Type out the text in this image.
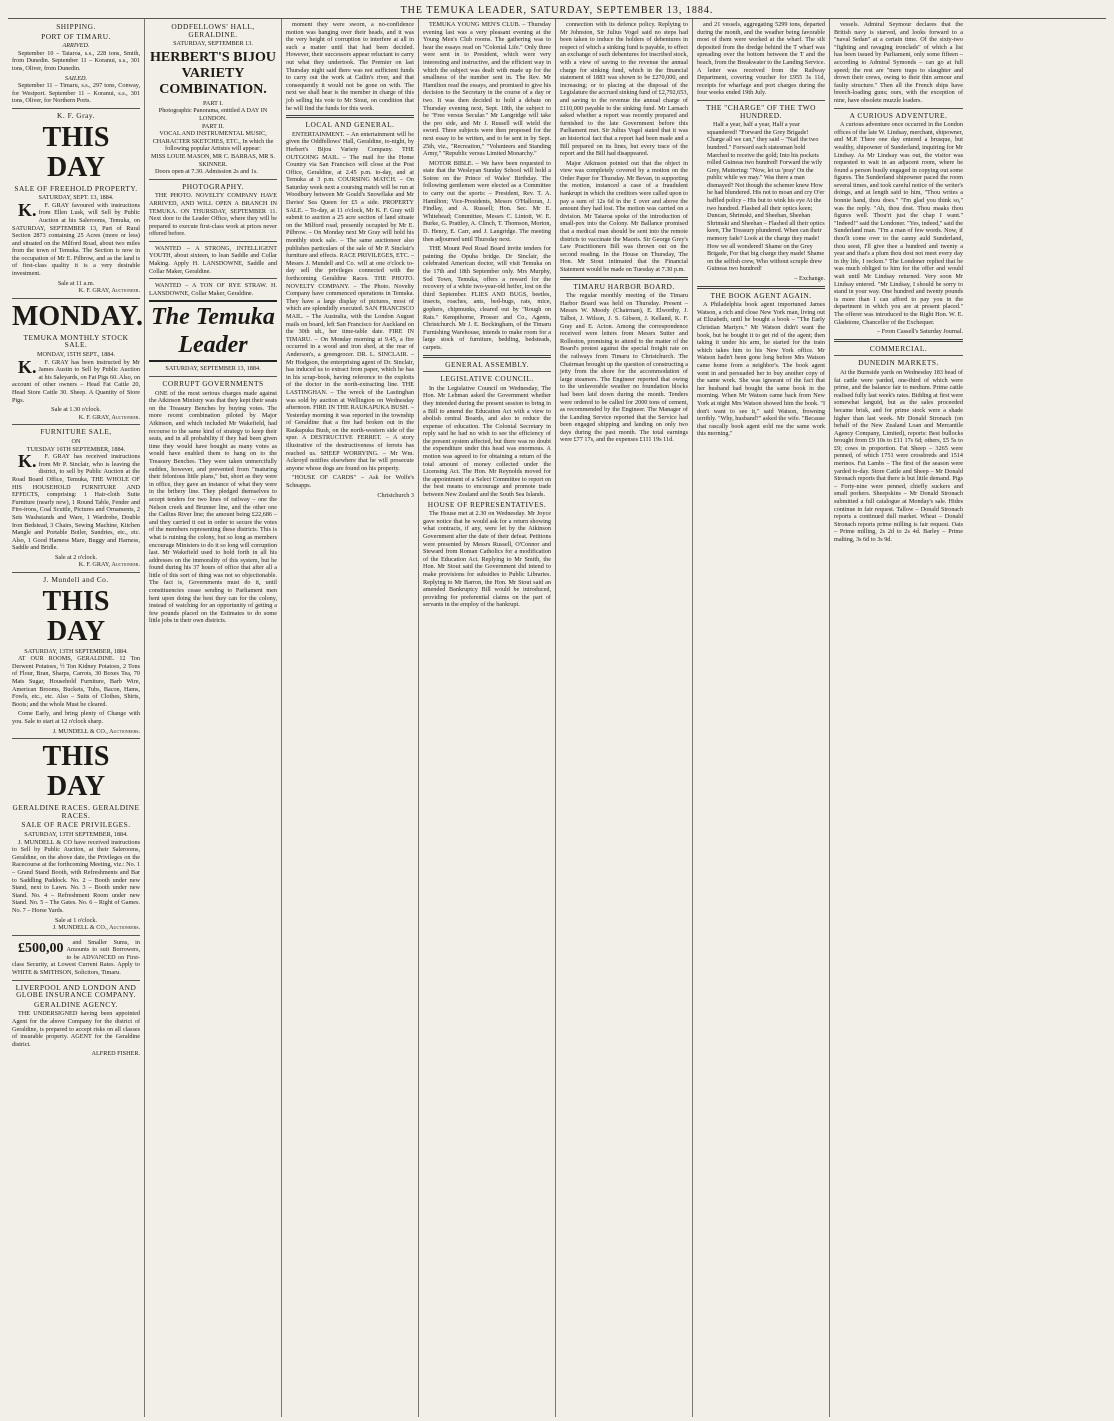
THE TEMUKA LEADER, SATURDAY, SEPTEMBER 13, 1884.
SHIPPING.
PORT OF TIMARU.
ARRIVED.

September 10 – Taiaroa, s.s., 228 tons, Smith, from Dunedin. September 11 – Koranui, s.s., 301 tons, Oliver, from Dunedin.

SAILED.

September 11 – Timaru, s.s., 297 tons, Conway, for Westport. September 11 – Koranui, s.s., 301 tons, Oliver, for Northern Ports.

K. F. Gray.
THIS DAY
SALE OF FREEHOLD PROPERTY.
SATURDAY, SEPT. 13, 1884.

K. F. GRAY favoured with instructions from Ellen Lusk, will Sell by Public Auction at his Salerooms, Temuka, on SATURDAY, SEPTEMBER 13, Part of Rural Section 2873 containing 25 Acres (more or less) and situated on the Milford Road, about two miles from the town of Temuka. The Section is now in the occupation of Mr E. Pilbrow, and as the land is of first-class quality it is a very desirable investment.

Sale at 11 a.m.
K. F. GRAY, Auctioneer.
MONDAY.
TEMUKA MONTHLY STOCK SALE.
MONDAY, 15TH SEPT., 1884.

K. F. GRAY has been instructed by Mr James Austin to Sell by Public Auction at his Saleyards, on Fat Pigs 60. Also, on account of other owners – Head Fat Cattle 20, Head Store Cattle 30. Sheep. A Quantity of Store Pigs.

Sale at 1.30 o'clock.
K. F. GRAY, Auctioneer.
FURNITURE SALE,
ON
TUESDAY 16TH SEPTEMBER, 1884.

K. F. GRAY has received instructions from Mr P. Sinclair, who is leaving the district, to sell by Public Auction at the Road Board Office, Temuka, THE WHOLE OF HIS HOUSEHOLD FURNITURE AND EFFECTS, comprising: 1 Hair-cloth Suite Furniture (nearly new), 1 Round Table, Fender and Fire-irons, Coal Scuttle, Pictures and Ornaments, 2 Sets Washstands and Ware, 1 Wardrobe, Double Iron Bedstead, 3 Chairs, Sewing Machine, Kitchen Mangle and Portable Boiler, Sundries, etc., etc. Also, 1 Good Harness Mare, Buggy and Harness, Saddle and Bridle.

Sale at 2 o'clock.
K. F. GRAY, Auctioneer.
J. Mundell and Co.
THIS DAY
SATURDAY, 13TH SEPTEMBER, 1884.

AT OUR ROOMS, GERALDINE. 12 Ton Derwent Potatoes, ½ Ton Kidney Potatoes, 2 Tons of Flour, Bran, Sharps, Carrots, 30 Boxes Tea, 70 Mats Sugar, Household Furniture, Barb Wire, American Brooms, Buckets, Tubs, Bacon, Hams, Fowls, etc., etc. Also – Suits of Clothes, Shirts, Boots; and the whole Must be cleared.

Come Early, and bring plenty of Change with you. Sale to start at 12 o'clock sharp.

J. MUNDELL & CO., Auctioneers.
THIS DAY
GERALDINE RACES. GERALDINE RACES.
SALE OF RACE PRIVILEGES.
SATURDAY, 13TH SEPTEMBER, 1884.

J. MUNDELL & CO have received instructions to Sell by Public Auction, at their Salerooms, Geraldine, on the above date, the Privileges on the Racecourse at the forthcoming Meeting, viz.: No. 1 – Grand Stand Booth, with Refreshments and Bar to Saddling Paddock. No. 2 – Booth under new Stand, next to Lawn. No. 3 – Booth under new Stand. No. 4 – Refreshment Room under new Stand. No. 5 – The Gates. No. 6 – Right of Games. No. 7 – Horse Yards.

Sale at 1 o'clock.
J. MUNDELL & CO., Auctioneers.

£500,00 and Smaller Sums, in Amounts to suit Borrowers, to be ADVANCED on First-class Security, at Lowest Current Rates. Apply to WHITE & SMITHSON, Solicitors, Timaru.

LIVERPOOL AND LONDON AND GLOBE INSURANCE COMPANY.
GERALDINE AGENCY.

THE UNDERSIGNED having been appointed Agent for the above Company for the district of Geraldine, is prepared to accept risks on all classes of insurable property. AGENT for the Geraldine district.

ALFRED FISHER.
ODDFELLOWS' HALL, GERALDINE.
SATURDAY, SEPTEMBER 13.
HERBERT'S BIJOU VARIETY COMBINATION.
PART I.
Photographic Panorama, entitled A DAY IN LONDON.
PART II.
VOCAL AND INSTRUMENTAL MUSIC, CHARACTER SKETCHES, ETC., In which the following popular Artistes will appear:
MISS LOUIE MASON, MR C. BARRAS, MR S. SKINNER.

Doors open at 7.30. Admission 2s and 1s.

PHOTOGRAPHY.

THE PHOTO. NOVELTY COMPANY HAVE ARRIVED, AND WILL OPEN A BRANCH IN TEMUKA. ON THURSDAY, SEPTEMBER 11. Next door to the Leader Office, where they will be prepared to execute first-class work at prices never offered before.

WANTED – A STRONG, INTELLIGENT YOUTH, about sixteen, to lean Saddle and Collar Making. Apply H. LANSDOWNE, Saddle and Collar Maker, Geraldine.

WANTED – A TON OF RYE STRAW. H. LANSDOWNE, Collar Maker, Geraldine.

The Temuka Leader
SATURDAY, SEPTEMBER 13, 1884.
CORRUPT GOVERNMENTS

ONE of the most serious charges made against the Atkinson Ministry was that they kept their seats on the Treasury Benches by buying votes. The more recent combination piloted by Major Atkinson, and which included Mr Wakefield, had recourse to the same kind of strategy to keep their seats, and in all probability if they had been given time they would have bought as many votes as would have enabled them to hang on to the Treasury Benches. They were taken unmercifully sudden, however, and prevented from "maturing their felonious little plans," but, short as they were in office, they gave an instance of what they were in the bribery line. They pledged themselves to accept tenders for two lines of railway – one the Nelson creek and Brunner line, and the other one the Catlins River line; the amount being £22,686 – and they carried it out in order to secure the votes of the members representing these districts. This is what is ruining the colony, but so long as members encourage Ministers to do it so long will corruption last. Mr Wakefield used to hold forth in all his addresses on the immorality of this system, but he found during his 37 hours of office that after all a little of this sort of thing was not so objectionable. The fact is, Governments must do it, until constituencies cease sending to Parliament men bent upon doing the best they can for the colony, instead of watching for an opportunity of getting a few pounds placed on the Estimates to do some little jobs in their own districts.

moment they were sworn, a no-confidence motion was hanging over their heads, and it was the very height of corruption to interfere at all in such a matter until that had been decided. However, their successors appear reluctant to carry out what they undertook. The Premier on last Thursday night said there was not sufficient funds to carry out the work at Catlin's river, and that consequently it would not be gone on with. The next we shall hear is the member in charge of this job selling his vote to Mr Stout, on condition that he will find the funds for this work.

LOCAL AND GENERAL.

ENTERTAINMENT. – An entertainment will be given the Oddfellows' Hall, Geraldine, to-night, by Herbert's Bijou Variety Company. THE OUTGOING MAIL. – The mail for the Home Country via San Francisco will close at the Post Office, Geraldine, at 2.45 p.m. to-day, and at Temuka at 3 p.m. COURSING MATCH. – On Saturday week next a coursing match will be run at Woodbury between Mr Gould's Snowflake and Mr Davies' Sea Queen for £5 a side. PROPERTY SALE. – To-day, at 11 o'clock, Mr K. F. Gray will submit to auction a 25 acre section of land situate on the Milford road, presently occupied by Mr E. Pilbrow. – On Monday next Mr Gray will hold his monthly stock sale. – The same auctioneer also publishes particulars of the sale of Mr P. Sinclair's furniture and effects. RACE PRIVILEGES, ETC. – Messrs J. Mundell and Co. will at one o'clock to-day sell the privileges connected with the forthcoming Geraldine Races. THE PHOTO. NOVELTY COMPANY. – The Photo. Novelty Company have commenced operations in Temuka. They have a large display of pictures, most of which are splendidly executed. SAN FRANCISCO MAIL. – The Australia, with the London August mails on board, left San Francisco for Auckland on the 30th ult., her time-table date. FIRE IN TIMARU. – On Monday morning at 9.45, a fire occurred in a wood and iron shed, at the rear of Anderson's, a greengrocer. DR. L. SINCLAIR. – Mr Hodgson, the enterprising agent of Dr. Sinclair, has induced us to extract from paper, which he has in his scrap-book, having reference to the exploits of the doctor in the north-extracting line. THE LASTINGHAN. – The wreck of the Lastinghan was sold by auction at Wellington on Wednesday afternoon. FIRE IN THE RAUKAPUKA BUSH. – Yesterday morning it was reported in the township of Geraldine that a fire had broken out in the Raukapuka Bush, on the north-western side of the spur. A DESTRUCTIVE FERRET. – A story illustrative of the destructiveness of ferrets has reached us. SHEEP WORRYING. – Mr Wm. Ackroyd notifies elsewhere that he will prosecute anyone whose dogs are found on his property.

"HOUSE OF CARDS" – Ask for Wolfe's Schnapps.

Christchurch 3

TEMUKA YOUNG MEN'S CLUB. – Thursday evening last was a very pleasant evening at the Young Men's Club rooms. The gathering was to hear the essays read on "Colonial Life." Only three were sent in to President, which were very interesting and instructive, and the efficient way in which the subject was dealt with made up for the smallness of the number sent in. The Rev. Mr Hamilton read the essays, and promised to give his decision to the Secretary in the course of a day or two. It was then decided to hold a debate on Thursday evening next, Sept. 18th, the subject to be "Free versus Secular." Mr Langridge will take the pro side, and Mr J. Russell will wield the sword. Three subjects were then proposed for the next essay to be written, and to be sent in by Sept. 25th, viz., "Recreation," "Volunteers and Standing Army," "Republic versus Limited Monarchy."

MOTOR BIBLE. – We have been requested to state that the Wesleyan Sunday School will hold a Soiree on the Prince of Wales' Birthday. The following gentlemen were elected as a Committee to carry out the sports: – President, Rev. T. A. Hamilton; Vice-Presidents, Messrs O'Halloran, J. Findlay, and A. Russell; Hon. Sec. Mr E. Whitehead; Committee, Messrs C. Lintott, W. E. Burke, G. Prattley, A. Clinch, T. Thomson, Morton, D. Henry, E. Carr, and J. Langridge. The meeting then adjourned until Thursday next.

THE Mount Peel Road Board invite tenders for painting the Opuha bridge. Dr Sinclair, the celebrated American doctor, will visit Temuka on the 17th and 18th September only. Mrs Murphy, Sod Town, Temuka, offers a reward for the recovery of a white two-year-old heifer, lost on the third September. FLIES AND BUGS, beetles, insects, roaches, ants, bed-bugs, rats, mice, gophers, chipmunks, cleared out by "Rough on Rats." Kempthorne, Prosser and Co., Agents, Christchurch. Mr J. E. Bockingham, of the Timaru Furnishing Warehouse, intends to make room for a large stock of furniture, bedding, bedsteads, carpets.

GENERAL ASSEMBLY.
LEGISLATIVE COUNCIL.

In the Legislative Council on Wednesday, The Hon. Mr Lehman asked the Government whether they intended during the present session to bring in a Bill to amend the Education Act with a view to abolish central Boards, and also to reduce the expense of education. The Colonial Secretary in reply said he had no wish to see the efficiency of the present system affected, but there was no doubt the expenditure under this head was enormous. A motion was agreed to for obtaining a return of the total amount of money collected under the Licensing Act. The Hon. Mr Reynolds moved for the appointment of a Select Committee to report on the best means to encourage and promote trade between New Zealand and the South Sea Islands.

HOUSE OF REPRESENTATIVES.

The House met at 2.30 on Wednesday. Mr Joyce gave notice that he would ask for a return showing what contracts, if any, were let by the Atkinson Government after the date of their defeat. Petitions were presented by Messrs Russell, O'Connor and Steward from Roman Catholics for a modification of the Education Act. Replying to Mr Smith, the Hon. Mr Stout said the Government did intend to make provisions for subsidies to Public Libraries. Replying to Mr Barron, the Hon. Mr Stout said an amended Bankruptcy Bill would be introduced, providing for preferential claims on the part of servants in the employ of the bankrupt.

connection with its defence policy. Replying to Mr Johnston, Sir Julius Vogel said no steps had been taken to induce the holders of debentures in respect of which a sinking fund is payable, to effect an exchange of such debentures for inscribed stock, with a view of saving to the revenue the annual charge for sinking fund, which in the financial statement of 1883 was shown to be £270,000, and increasing; or to placing at the disposal of the Legislature the accrued sinking fund of £2,792,653, and saving to the revenue the annual charge of £110,000 payable to the sinking fund. Mr Larnach asked whether a report was recently prepared and furnished to the late Government before this Parliament met. Sir Julius Vogel stated that it was an historical fact that a report had been made and a Bill prepared on its lines, but every trace of the report and the Bill had disappeared.

Major Atkinson pointed out that the object in view was completely covered by a motion on the Order Paper for Thursday. Mr Bevan, in supporting the motion, instanced a case of a fraudulent bankrupt in which the creditors were called upon to pay a sum of 12s 6d in the £ over and above the amount they had lost. The motion was carried on a division. Mr Taiaroa spoke of the introduction of small-pox into the Colony. Mr Ballance promised that a medical man should be sent into the remote districts to vaccinate the Maoris. Sir George Grey's Law Practitioners Bill was thrown out on the second reading. In the House on Thursday, The Hon. Mr Stout intimated that the Financial Statement would be made on Tuesday at 7.30 p.m.

TIMARU HARBOR BOARD.

The regular monthly meeting of the Timaru Harbor Board was held on Thursday. Present – Messrs W. Moody (Chairman), E. Elworthy, J. Talbot, J. Wilson, J. S. Gibson, J. Kelland, K. F. Gray and E. Acton. Among the correspondence received were letters from Messrs Sutter and Rolleston, promising to attend to the matter of the Board's protest against the special freight rate on the railways from Timaru to Christchurch. The Chairman brought up the question of constructing a jetty from the shore for the accommodation of large steamers. The Engineer reported that owing to the unfavorable weather no foundation blocks had been laid down during the month. Tenders were ordered to be called for 2000 tons of cement, as recommended by the Engineer. The Manager of the Landing Service reported that the Service had been engaged shipping and landing on only two days during the past month. The total earnings were £77 17s, and the expenses £111 19s 11d.

and 21 vessels, aggregating 5299 tons, departed during the month, and the weather being favorable most of them were worked at the wharf. The silt deposited from the dredge behind the T wharf was spreading over the bottom between the T and the beach, from the Breakwater to the Landing Service. A letter was received from the Railway Department, covering voucher for £955 3s 11d, receipts for wharfage and port charges during the four weeks ended 19th July.

THE "CHARGE" OF THE TWO HUNDRED.

Half a year, half a year, Half a year squandered! "Forward the Grey Brigade! Charge all we can," they said – "Nail the two hundred." Forward each statesman bold Marched to receive the gold; Into his pockets rolled Guineas two hundred! Forward the wily Grey, Muttering: "Now, let us 'pray' On the public while we may." Was there a man dismayed? Not though the schemer knew How he had blundered. His not to moan and cry O'er baffled policy – His but to wink his eye At the two hundred. Flashed all their optics keen; Duncan, Shrimski, and Sheehan, Sheehan Shrimski and Sheehan – Flashed all their optics keen, The Treasury plundered. When can their memory fade? Look at the charge they made! How we all wondered! Shame on the Grey Brigade, For that big charge they made! Shame on the selfish crew, Who without scruple drew Guineas two hundred!

– Exchange.
THE BOOK AGENT AGAIN.

A Philadelphia book agent importuned James Watson, a rich and close New York man, living out at Elizabeth, until he bought a book – "The Early Christian Martyrs." Mr Watson didn't want the book, but he bought it to get rid of the agent; then taking it under his arm, he started for the train which takes him to his New York office. Mr Watson hadn't been gone long before Mrs Watson came home from a neighbor's. The book agent went in and persuaded her to buy another copy of the same work. She was ignorant of the fact that her husband had bought the same book in the morning. When Mr Watson came back from New York at night Mrs Watson showed him the book. "I don't want to see it," said Watson, frowning terribly. "Why, husband?" asked the wife. "Because that rascally book agent sold me the same work this morning."

vessels. Admiral Seymour declares that the British navy is starved, and looks forward to a "naval Sedan" at a certain time. Of the sixty-two "fighting and ravaging ironclads" of which a list has been issued by Parliament, only some fifteen – according to Admiral Symonds – can go at full speed; the rest are "mere traps to slaughter and drown their crews, owing to their thin armour and faulty structure." Then all the French ships have breech-loading guns; ours, with the exception of nine, have obsolete muzzle loaders.

A CURIOUS ADVENTURE.

A curious adventure once occurred in the London offices of the late W. Lindsay, merchant, shipowner, and M.P. There one day entered a brusque, but wealthy, shipowner of Sunderland, inquiring for Mr Lindsay. As Mr Lindsay was out, the visitor was requested to wait in an adjacent room, where he found a person busily engaged in copying out some figures. The Sunderland shipowner paced the room several times, and took careful notice of the writer's doings, and at length said to him, "Thou writes a bonnie hand, thou does." "I'm glad you think so," was the reply. "Ah, thou dost. Thou maaks thou figures well. Thou'rt just the chap I want." "Indeed!" said the Londoner. "Yes, indeed," said the Sunderland man. "I'm a man of few words. Now, if thou'lt come over to the canny auld Sunderland, thou seest, I'll give thee a hundred and twenty a year and that's a plum thou dost not meet every day in thy life, I reckon." The Londoner replied that he was much obliged to him for the offer and would wait until Mr Lindsay returned. Very soon Mr Lindsay entered. "Mr Lindsay, I should be sorry to stand in your way. One hundred and twenty pounds is more than I can afford to pay you in the department in which you are at present placed." The offerer was introduced to the Right Hon. W. E. Gladstone, Chancellor of the Exchequer.

– From Cassell's Saturday Journal.
COMMERCIAL.
DUNEDIN MARKETS.

At the Burnside yards on Wednesday 183 head of fat cattle were yarded, one-third of which were prime, and the balance fair to medium. Prime cattle realised fully last week's rates. Bidding at first were somewhat languid, but as the sales proceeded became brisk, and for prime stock were a shade higher than last week. Mr Donald Stronach (on behalf of the New Zealand Loan and Mercantile Agency Company, Limited), reports: Best bullocks brought from £9 10s to £11 17s 6d; others, £5 5s to £9; cows in proportion. Fat Sheep – 3265 were penned, of which 1751 were crossbreds and 1514 merinos. Fat Lambs – The first of the season were yarded to-day. Store Cattle and Sheep – Mr Donald Stronach reports that there is but little demand. Pigs – Forty-nine were penned, chiefly suckers and small porkers. Sheepskins – Mr Donald Stronach submitted a full catalogue at Monday's sale. Hides continue in fair request. Tallow – Donald Stronach reports a continued dull market. Wheat – Donald Stronach reports prime milling is fair request. Oats – Prime milling, 2s 2d to 2s 4d. Barley – Prime malting, 3s 6d to 3s 9d.
